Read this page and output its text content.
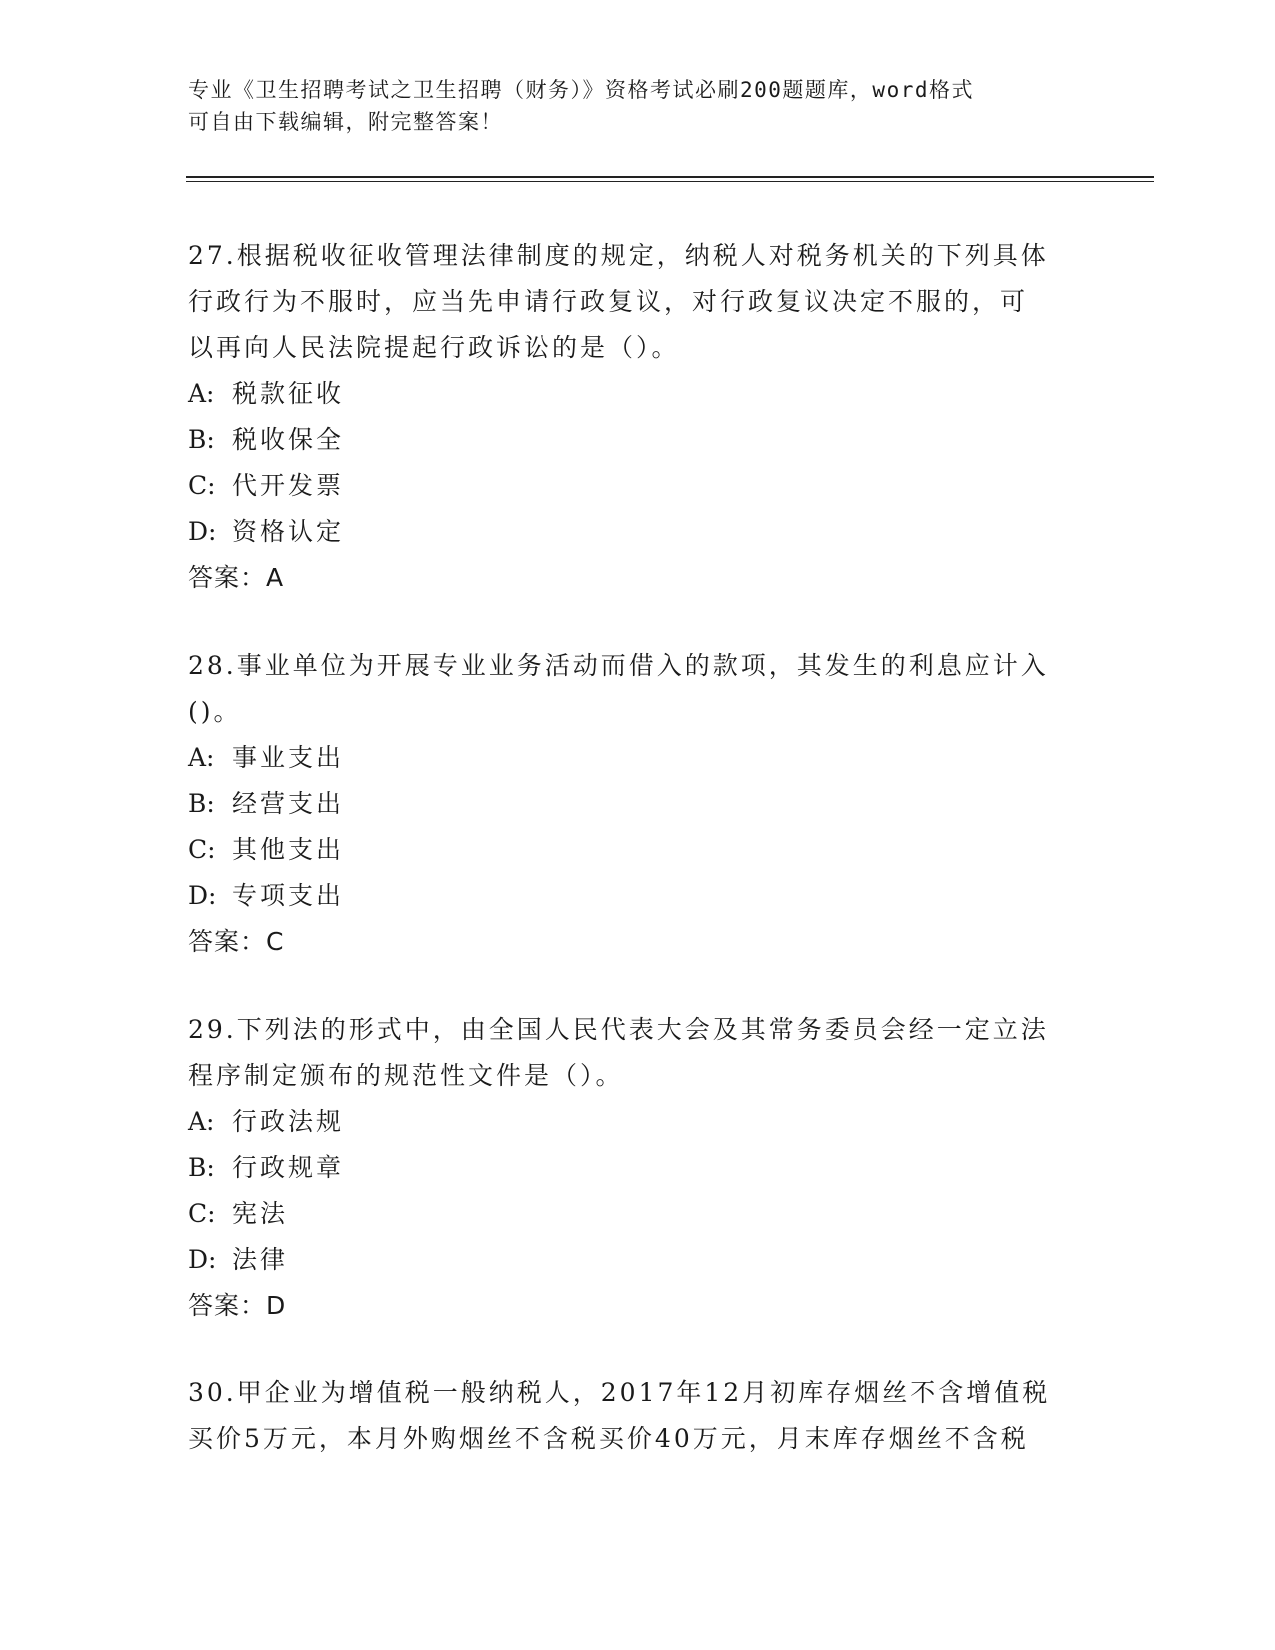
专业《卫生招聘考试之卫生招聘（财务）》资格考试必刷200题题库，word格式
可自由下载编辑，附完整答案！

27.根据税收征收管理法律制度的规定，纳税人对税务机关的下列具体

行政行为不服时，应当先申请行政复议，对行政复议决定不服的，可

以再向人民法院提起行政诉讼的是（）。

A: 税款征收

B: 税收保全

C: 代开发票

D: 资格认定

答案：A

28.事业单位为开展专业业务活动而借入的款项，其发生的利息应计入

()。

A: 事业支出

B: 经营支出

C: 其他支出

D: 专项支出

答案：C

29.下列法的形式中，由全国人民代表大会及其常务委员会经一定立法

程序制定颁布的规范性文件是（）。

A: 行政法规

B: 行政规章

C: 宪法

D: 法律

答案：D

30.甲企业为增值税一般纳税人，2017年12月初库存烟丝不含增值税

买价5万元，本月外购烟丝不含税买价40万元，月末库存烟丝不含税
